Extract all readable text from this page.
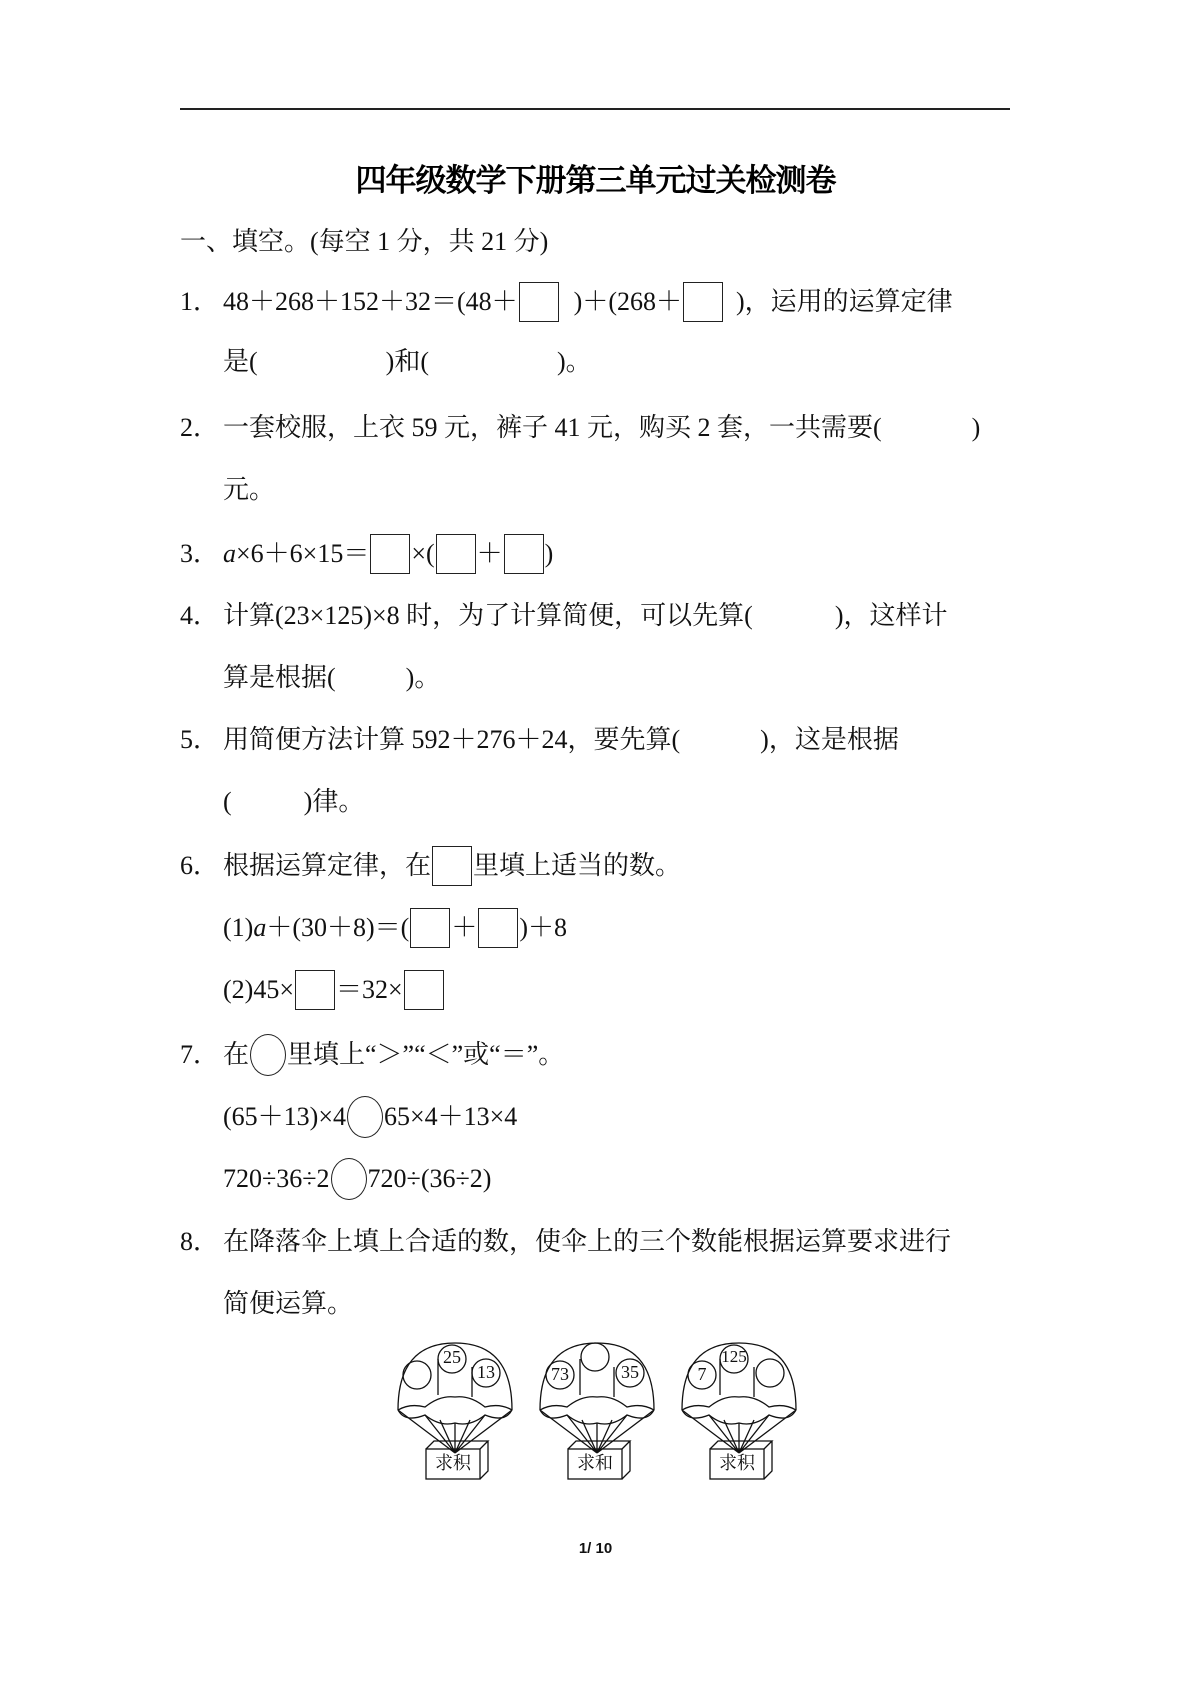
四年级数学下册第三单元过关检测卷
一、填空。(每空 1 分，共 21 分)
1． 48＋268＋152＋32＝(48＋ )＋(268＋ )，运用的运算定律
是(	)和(	)。
2． 一套校服，上衣 59 元，裤子 41 元，购买 2 套，一共需要(	)
元。
3． a ×6＋6×15＝ ×( ＋ )
4． 计算(23×125)×8 时，为了计算简便，可以先算(	)，这样计
算是根据(	)。
5． 用简便方法计算 592＋276＋24，要先算(	)，这是根据
(	)律。
6． 根据运算定律，在 里填上适当的数。
(1) a ＋(30＋8)＝( ＋ )＋8
(2)45× ＝32×
7． 在 里填上“＞”“＜”或“＝”。
(65＋13)×4 65×4＋13×4
720÷36÷2 720÷(36÷2)
8． 在降落伞上填上合适的数，使伞上的三个数能根据运算要求进行
简便运算。
25
13
求积
73	35
求和
7
125
求积
1/ 10
